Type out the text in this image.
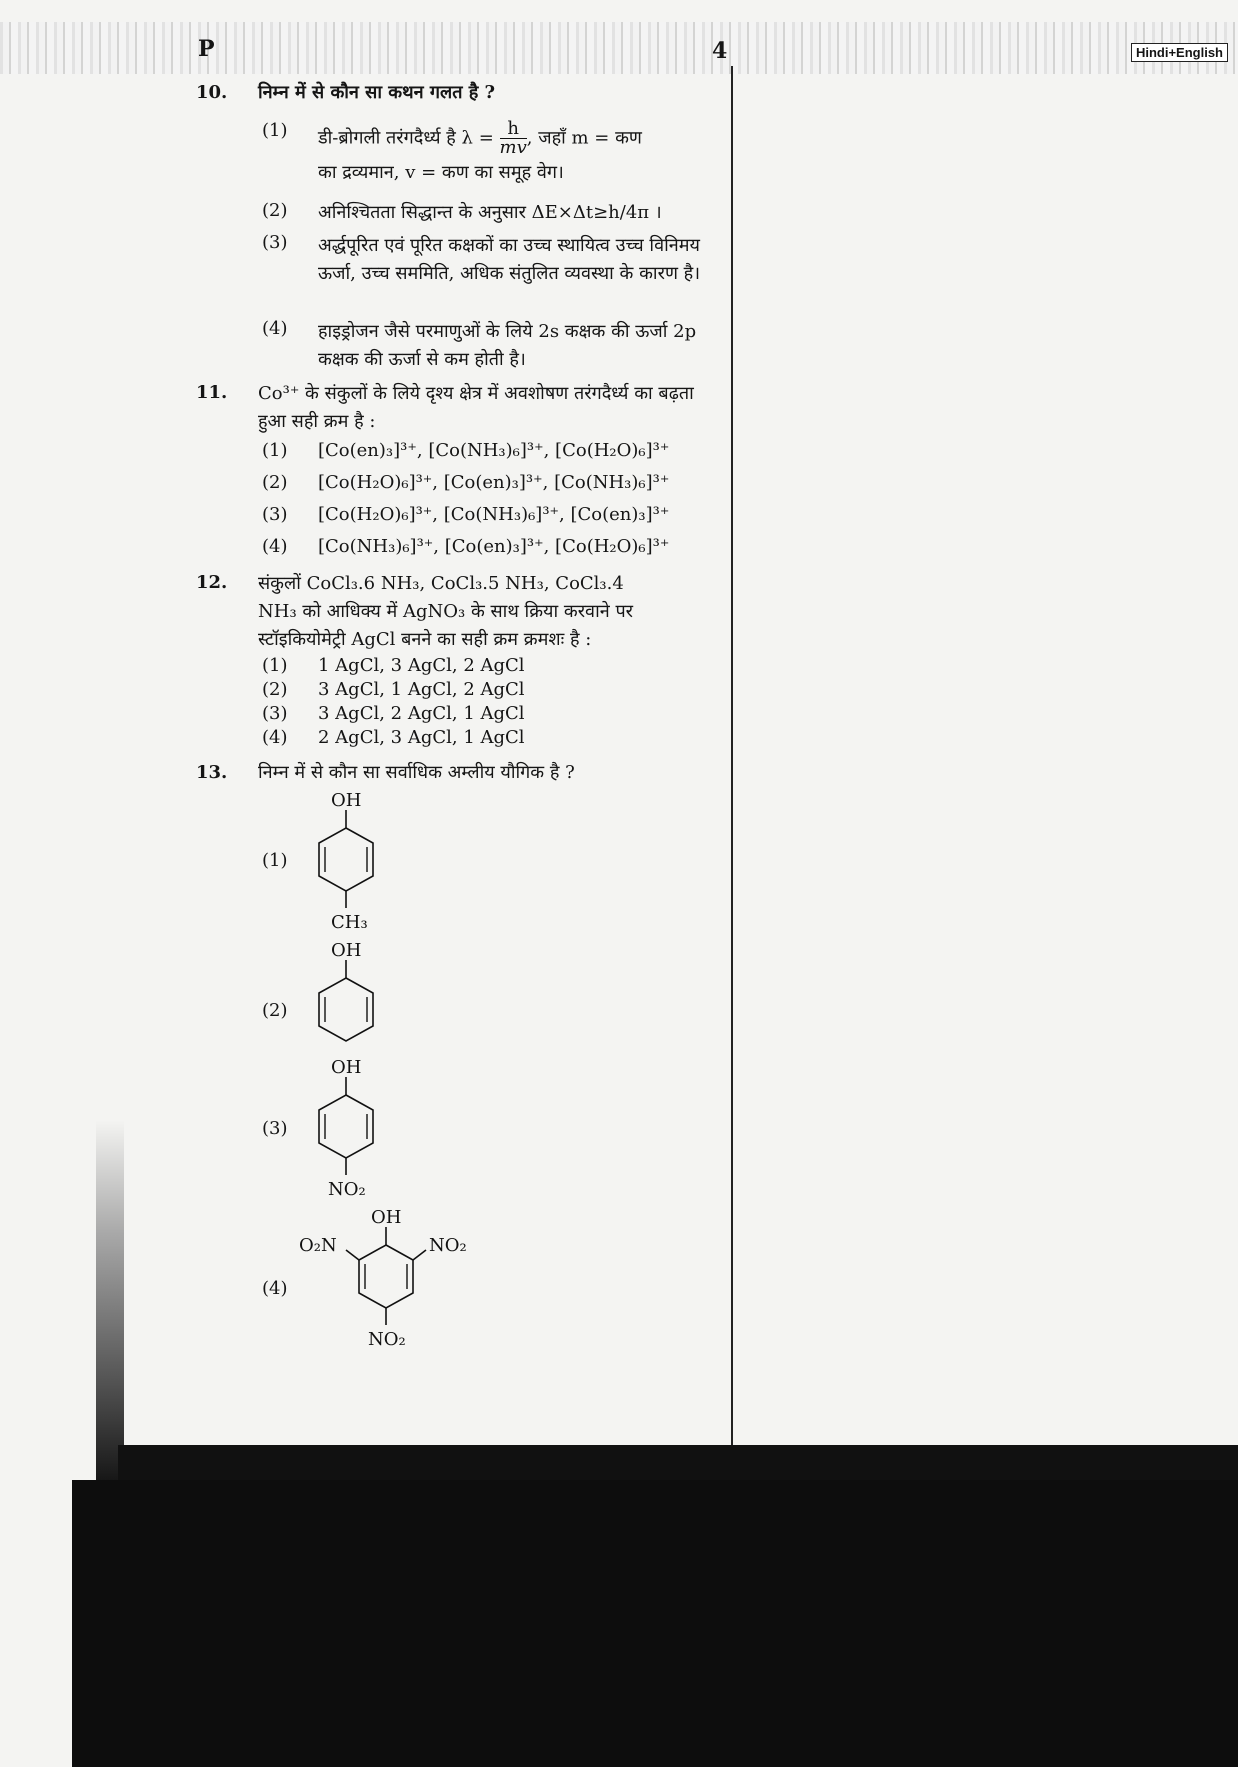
P	4	Hindi+English
10. निम्न में से कौन सा कथन गलत है ?
(1) डी-ब्रोगली तरंगदैर्ध्य है $\lambda = \frac{h}{mv}$ , जहाँ m = कण
का द्रव्यमान, v = कण का समूह वेग।
(2) अनिश्चितता सिद्धान्त के अनुसार ΔE×Δt≥h/4π ।
(3) अर्द्धपूरित एवं पूरित कक्षकों का उच्च स्थायित्व उच्च विनिमय ऊर्जा, उच्च सममिति, अधिक संतुलित व्यवस्था के कारण है।
(4) हाइड्रोजन जैसे परमाणुओं के लिये 2s कक्षक की ऊर्जा 2p कक्षक की ऊर्जा से कम होती है।
11. Co³⁺ के संकुलों के लिये दृश्य क्षेत्र में अवशोषण तरंगदैर्ध्य का बढ़ता हुआ सही क्रम है :
(1) [Co(en)₃]³⁺, [Co(NH₃)₆]³⁺, [Co(H₂O)₆]³⁺
(2) [Co(H₂O)₆]³⁺, [Co(en)₃]³⁺, [Co(NH₃)₆]³⁺
(3) [Co(H₂O)₆]³⁺, [Co(NH₃)₆]³⁺, [Co(en)₃]³⁺
(4) [Co(NH₃)₆]³⁺, [Co(en)₃]³⁺, [Co(H₂O)₆]³⁺
12. संकुलों CoCl₃.6 NH₃, CoCl₃.5 NH₃, CoCl₃.4 NH₃ को आधिक्य में AgNO₃ के साथ क्रिया करवाने पर स्टॉइकियोमेट्री AgCl बनने का सही क्रम क्रमशः है :
(1) 1 AgCl, 3 AgCl, 2 AgCl
(2) 3 AgCl, 1 AgCl, 2 AgCl
(3) 3 AgCl, 2 AgCl, 1 AgCl
(4) 2 AgCl, 3 AgCl, 1 AgCl
13. निम्न में से कौन सा सर्वाधिक अम्लीय यौगिक है ?
(1)
(2)
(3)
(4)
OH
CH₃
OH
OH
NO₂
OH
O₂N	NO₂
NO₂
OH
CH₃
OH
OH
NO₂
OH
O₂N	NO₂
NO₂
